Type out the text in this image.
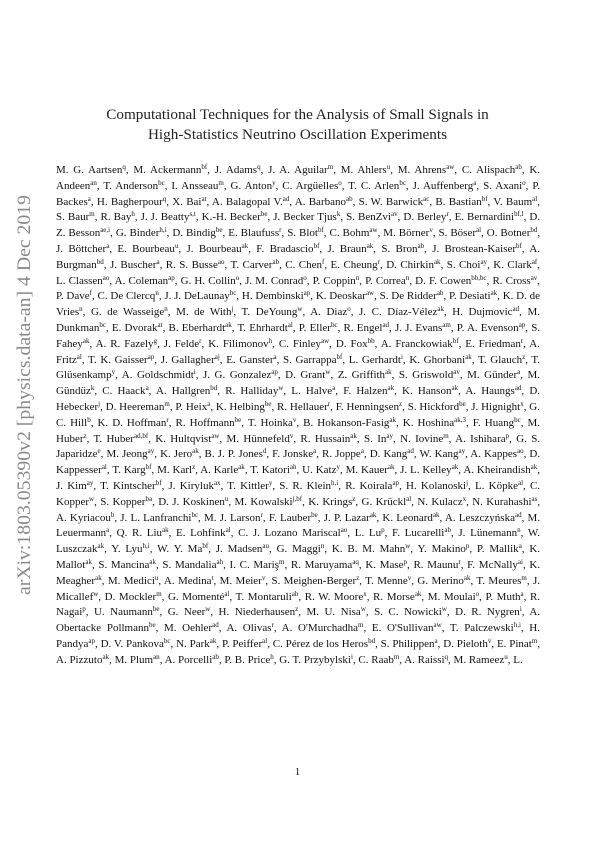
arXiv:1803.05390v2 [physics.data-an] 4 Dec 2019
Computational Techniques for the Analysis of Small Signals in
High-Statistics Neutrino Oscillation Experiments
M. G. Aartsen$^q$, M. Ackermann$^{bf}$, J. Adams$^q$, J. A. Aguilar$^m$, M. Ahlers$^u$, M. Ahrens$^{aw}$, C. Alispach$^{ab}$, K. Andeen$^{an}$, T. Anderson$^{bc}$, I. Ansseau$^m$, G. Anton$^y$, C. Argüelles$^o$, T. C. Arlen$^{bc}$, J. Auffenberg$^a$, S. Axani$^o$, P. Backes$^a$, H. Bagherpour$^q$, X. Bai$^{at}$, A. Balagopal V.$^{ad}$, A. Barbano$^{ab}$, S. W. Barwick$^{ac}$, B. Bastian$^{bf}$, V. Baum$^{al}$, S. Baur$^m$, R. Bay$^h$, J. J. Beatty$^{s,t}$, K.-H. Becker$^{be}$, J. Becker Tjus$^k$, S. BenZvi$^{av}$, D. Berley$^r$, E. Bernardini$^{bf,l}$, D. Z. Besson$^{ae,i}$, G. Binder$^{h,i}$, D. Bindig$^{be}$, E. Blaufuss$^r$, S. Blot$^{bf}$, C. Bohm$^{aw}$, M. Börner$^v$, S. Böser$^{al}$, O. Botner$^{bd}$, J. Böttcher$^a$, E. Bourbeau$^u$, J. Bourbeau$^{ak}$, F. Bradascio$^{bf}$, J. Braun$^{ak}$, S. Bron$^{ab}$, J. Brostean-Kaiser$^{bf}$, A. Burgman$^{bd}$, J. Buscher$^a$, R. S. Busse$^{ao}$, T. Carver$^{ab}$, C. Chen$^f$, E. Cheung$^r$, D. Chirkin$^{ak}$, S. Choi$^{ay}$, K. Clark$^{af}$, L. Classen$^{ao}$, A. Coleman$^{ap}$, G. H. Collin$^o$, J. M. Conrad$^o$, P. Coppin$^n$, P. Correa$^n$, D. F. Cowen$^{bb,bc}$, R. Cross$^{av}$, P. Dave$^f$, C. De Clercq$^n$, J. J. DeLaunay$^{bc}$, H. Dembinski$^{ap}$, K. Deoskar$^{aw}$, S. De Ridder$^{ab}$, P. Desiati$^{ak}$, K. D. de Vries$^n$, G. de Wasseige$^n$, M. de With$^j$, T. DeYoung$^w$, A. Diaz$^o$, J. C. Díaz-Vélez$^{ak}$, H. Dujmovic$^{ad}$, M. Dunkman$^{bc}$, E. Dvorak$^{at}$, B. Eberhardt$^{ak}$, T. Ehrhardt$^{al}$, P. Eller$^{bc}$, R. Engel$^{ad}$, J. J. Evans$^{am}$, P. A. Evenson$^{ap}$, S. Fahey$^{ak}$, A. R. Fazely$^g$, J. Felde$^r$, K. Filimonov$^h$, C. Finley$^{aw}$, D. Fox$^{bb}$, A. Franckowiak$^{bf}$, E. Friedman$^r$, A. Fritz$^{al}$, T. K. Gaisser$^{ap}$, J. Gallagher$^{aj}$, E. Ganster$^a$, S. Garrappa$^{bf}$, L. Gerhardt$^i$, K. Ghorbani$^{ak}$, T. Glauch$^z$, T. Glüsenkamp$^y$, A. Goldschmidt$^i$, J. G. Gonzalez$^{ap}$, D. Grant$^w$, Z. Griffith$^{ak}$, S. Griswold$^{av}$, M. Günder$^a$, M. Gündüz$^k$, C. Haack$^a$, A. Hallgren$^{bd}$, R. Halliday$^w$, L. Halve$^a$, F. Halzen$^{ak}$, K. Hanson$^{ak}$, A. Haungs$^{ad}$, D. Hebecker$^j$, D. Heereman$^m$, P. Heix$^a$, K. Helbing$^{be}$, R. Hellauer$^r$, F. Henningsen$^z$, S. Hickford$^{be}$, J. Hignight$^x$, G. C. Hill$^b$, K. D. Hoffman$^r$, R. Hoffmann$^{be}$, T. Hoinka$^v$, B. Hokanson-Fasig$^{ak}$, K. Hoshina$^{ak,3}$, F. Huang$^{bc}$, M. Huber$^z$, T. Huber$^{ad,bf}$, K. Hultqvist$^{aw}$, M. Hünnefeld$^v$, R. Hussain$^{ak}$, S. $In^{ay}$, N. Iovine$^m$, A. Ishihara$^p$, G. S. Japaridze$^e$, M. Jeong$^{ay}$, K. Jero$^{ak}$, B. J. P. Jones$^d$, F. Jonske$^a$, R. Joppe$^a$, D. Kang$^{ad}$, W. Kang$^{ay}$, A. Kappes$^{ao}$, D. Kappesser$^{al}$, T. Karg$^{bf}$, M. Karl$^z$, A. Karle$^{ak}$, T. Katori$^{ah}$, U. Katz$^y$, M. Kauer$^{ak}$, J. L. Kelley$^{ak}$, A. Kheirandish$^{ak}$, J. Kim$^{ay}$, T. Kintscher$^{bf}$, J. Kiryluk$^{ax}$, T. Kittler$^y$, S. R. Klein$^{h,i}$, R. Koirala$^{ap}$, H. Kolanoski$^j$, L. Köpke$^{al}$, C. Kopper$^w$, S. Kopper$^{ba}$, D. J. Koskinen$^u$, M. Kowalski$^{j,bf}$, K. Krings$^z$, G. Krückl$^{al}$, N. Kulacz$^x$, N. Kurahashi$^{as}$, A. Kyriacou$^b$, J. L. Lanfranchi$^{bc}$, M. J. Larson$^r$, F. Lauber$^{be}$, J. P. Lazar$^{ak}$, K. Leonard$^{ak}$, A. Leszczyńska$^{ad}$, M. Leuermann$^a$, Q. R. Liu$^{ak}$, E. Lohfink$^{al}$, C. J. Lozano Mariscal$^{ao}$, L. Lu$^p$, F. Lucarelli$^{ab}$, J. Lünemann$^n$, W. Luszczak$^{ak}$, Y. Lyu$^{h,i}$, W. Y. $Ma^{bf}$, J. Madsen$^{au}$, G. Maggi$^n$, K. B. M. Mahn$^w$, Y. Makino$^p$, P. Mallik$^a$, K. Mallot$^{ak}$, S. Mancina$^{ak}$, S. Mandalia$^{ah}$, I. C. Mariş$^m$, R. Maruyama$^{aq}$, K. Mase$^p$, R. Maunu$^r$, F. McNally$^{ai}$, K. Meagher$^{ak}$, M. Medici$^u$, A. Medina$^t$, M. Meier$^v$, S. Meighen-Berger$^z$, T. Menne$^v$, G. Merino$^{ak}$, T. Meures$^m$, J. Micallef$^w$, D. Mockler$^m$, G. Momenté$^{al}$, T. Montaruli$^{ab}$, R. W. Moore$^x$, R. Morse$^{ak}$, M. Moulai$^o$, P. Muth$^a$, R. Nagai$^p$, U. Naumann$^{be}$, G. Neer$^w$, H. Niederhausen$^z$, M. U. Nisa$^w$, S. C. Nowicki$^w$, D. R. Nygren$^i$, A. Obertacke Pollmann$^{be}$, M. Oehler$^{ad}$, A. Olivas$^r$, A. O'Murchadha$^m$, E. O'Sullivan$^{aw}$, T. Palczewski$^{h,i}$, H. Pandya$^{ap}$, D. V. Pankova$^{bc}$, N. Park$^{ak}$, P. Peiffer$^{al}$, C. Pérez de los Heros$^{bd}$, S. Philippen$^a$, D. Pieloth$^v$, E. Pinat$^m$, A. Pizzuto$^{ak}$, M. Plum$^{an}$, A. Porcelli$^{ab}$, P. B. Price$^h$, G. T. Przybylski$^i$, C. Raab$^m$, A. Raissi$^q$, M. Rameez$^u$, L.
1
